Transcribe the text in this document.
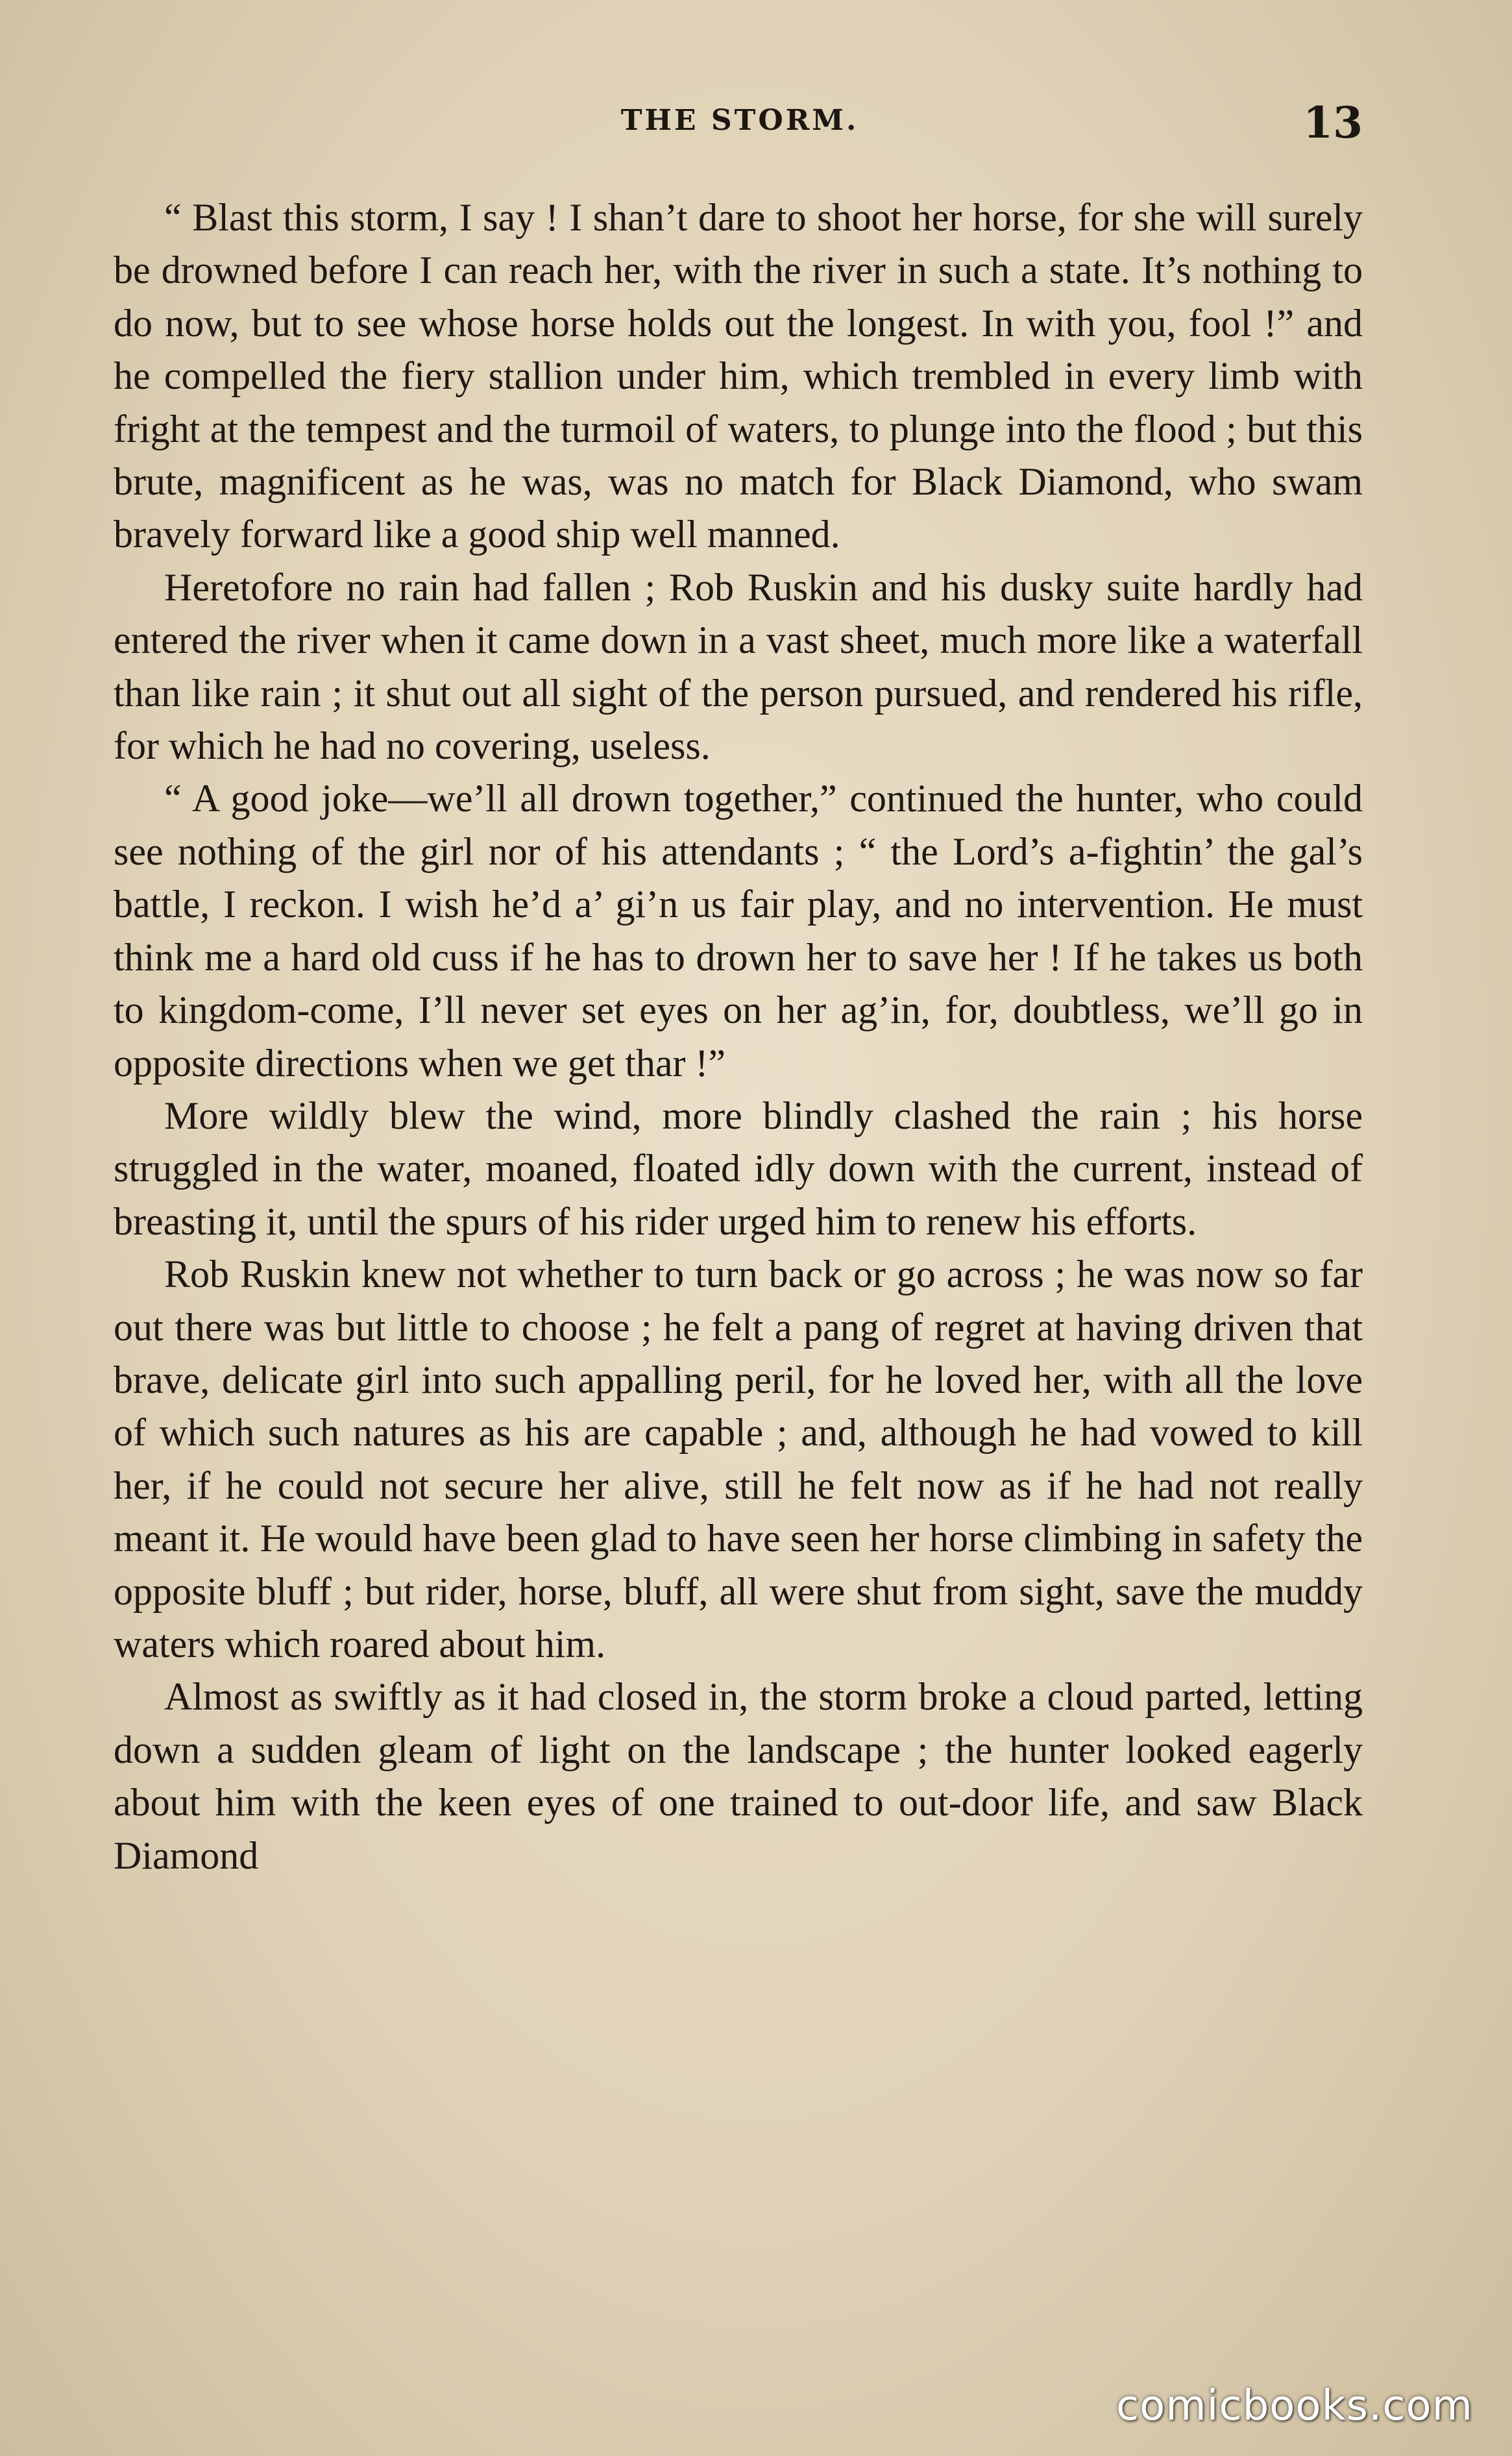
THE STORM.	13

“ Blast this storm, I say ! I shan’t dare to shoot her horse, for she will surely be drowned before I can reach her, with the river in such a state. It’s nothing to do now, but to see whose horse holds out the longest. In with you, fool !” and he compelled the fiery stallion under him, which trembled in every limb with fright at the tempest and the turmoil of waters, to plunge into the flood ; but this brute, magnificent as he was, was no match for Black Diamond, who swam bravely forward like a good ship well manned.

Heretofore no rain had fallen ; Rob Ruskin and his dusky suite hardly had entered the river when it came down in a vast sheet, much more like a waterfall than like rain ; it shut out all sight of the person pursued, and rendered his rifle, for which he had no covering, useless.

“ A good joke—we’ll all drown together,” continued the hunter, who could see nothing of the girl nor of his attendants ; “ the Lord’s a-fightin’ the gal’s battle, I reckon. I wish he’d a’ gi’n us fair play, and no intervention. He must think me a hard old cuss if he has to drown her to save her ! If he takes us both to kingdom-come, I’ll never set eyes on her ag’in, for, doubtless, we’ll go in opposite directions when we get thar !”

More wildly blew the wind, more blindly clashed the rain ; his horse struggled in the water, moaned, floated idly down with the current, instead of breasting it, until the spurs of his rider urged him to renew his efforts.

Rob Ruskin knew not whether to turn back or go across ; he was now so far out there was but little to choose ; he felt a pang of regret at having driven that brave, delicate girl into such appalling peril, for he loved her, with all the love of which such natures as his are capable ; and, although he had vowed to kill her, if he could not secure her alive, still he felt now as if he had not really meant it. He would have been glad to have seen her horse climbing in safety the opposite bluff ; but rider, horse, bluff, all were shut from sight, save the muddy waters which roared about him.

Almost as swiftly as it had closed in, the storm broke a cloud parted, letting down a sudden gleam of light on the landscape ; the hunter looked eagerly about him with the keen eyes of one trained to out-door life, and saw Black Diamond

comicbooks.com
